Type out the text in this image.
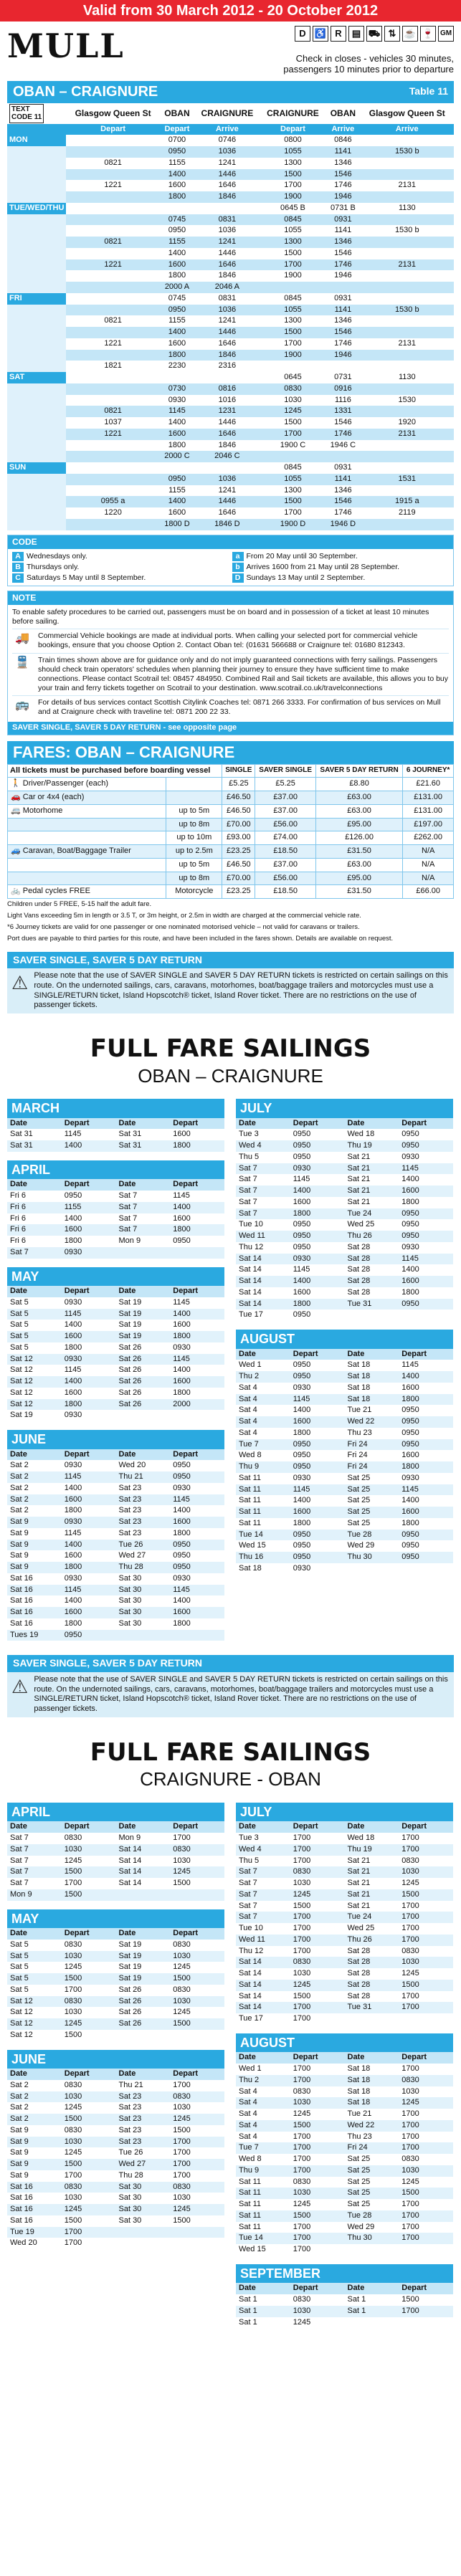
Valid from 30 March 2012 - 20 October 2012
MULL	D ♿ R	▤ ⛟ ⇅ ☕ 🍷 GM
Check in closes - vehicles 30 minutes,
passengers 10 minutes prior to departure
OBAN – CRAIGNURE	Table 11
TEXT
CODE 11	Glasgow Queen St	OBAN	CRAIGNURE	CRAIGNURE	OBAN	Glasgow Queen St
	Depart	Depart	Arrive	Depart	Arrive	Arrive
MON		0700	0746	0800	0846	
		0950	1036	1055	1141	1530 b
	0821	1155	1241	1300	1346	
		1400	1446	1500	1546	
	1221	1600	1646	1700	1746	2131
		1800	1846	1900	1946	
TUE/WED/THU				0645 B	0731 B	1130
		0745	0831	0845	0931	
		0950	1036	1055	1141	1530 b
	0821	1155	1241	1300	1346	
		1400	1446	1500	1546	
	1221	1600	1646	1700	1746	2131
		1800	1846	1900	1946	
		2000 A	2046 A			
FRI		0745	0831	0845	0931	
		0950	1036	1055	1141	1530 b
	0821	1155	1241	1300	1346	
		1400	1446	1500	1546	
	1221	1600	1646	1700	1746	2131
		1800	1846	1900	1946	
	1821	2230	2316			
SAT				0645	0731	1130
		0730	0816	0830	0916	
		0930	1016	1030	1116	1530
	0821	1145	1231	1245	1331	
	1037	1400	1446	1500	1546	1920
	1221	1600	1646	1700	1746	2131
		1800	1846	1900 C	1946 C	
		2000 C	2046 C			
SUN				0845	0931	
		0950	1036	1055	1141	1531
		1155	1241	1300	1346	
	0955 a	1400	1446	1500	1546	1915 a
	1220	1600	1646	1700	1746	2119
		1800 D	1846 D	1900 D	1946 D	
CODE
A Wednesdays only.	a From 20 May until 30 September.
B Thursdays only.	b Arrives 1600 from 21 May until 28 September.
C Saturdays 5 May until 8 September.	D Sundays 13 May until 2 September.
NOTE
To enable safety procedures to be carried out, passengers must be on board and in possession of a ticket at least 10 minutes before sailing.
🚚	Commercial Vehicle bookings are made at individual ports. When calling your selected port for commercial vehicle bookings, ensure that you choose Option 2. Contact Oban tel: (01631 566688 or Craignure tel: 01680 812343.
🚆	Train times shown above are for guidance only and do not imply guaranteed connections with ferry sailings. Passengers should check train operators' schedules when planning their journey to ensure they have sufficient time to make connections. Please contact Scotrail tel: 08457 484950. Combined Rail and Sail tickets are available, this allows you to buy your train and ferry tickets together on Scotrail to your destination. www.scotrail.co.uk/travelconnections
🚌	For details of bus services contact Scottish Citylink Coaches tel: 0871 266 3333. For confirmation of bus services on Mull and at Craignure check with traveline tel: 0871 200 22 33.
SAVER SINGLE, SAVER 5 DAY RETURN - see opposite page
FARES: OBAN – CRAIGNURE
All tickets must be purchased before boarding vessel		SINGLE	SAVER SINGLE	SAVER 5 DAY RETURN	6 JOURNEY*
🚶 Driver/Passenger (each)		£5.25	£5.25	£8.80	£21.60
🚗 Car or 4x4 (each)		£46.50	£37.00	£63.00	£131.00
🚐 Motorhome	up to 5m	£46.50	£37.00	£63.00	£131.00
	up to 8m	£70.00	£56.00	£95.00	£197.00
	up to 10m	£93.00	£74.00	£126.00	£262.00
🚙 Caravan, Boat/Baggage Trailer	up to 2.5m	£23.25	£18.50	£31.50	N/A
	up to 5m	£46.50	£37.00	£63.00	N/A
	up to 8m	£70.00	£56.00	£95.00	N/A
🚲 Pedal cycles FREE	Motorcycle	£23.25	£18.50	£31.50	£66.00
Children under 5 FREE, 5-15 half the adult fare.
Light Vans exceeding 5m in length or 3.5 T, or 3m height, or 2.5m in width are charged at the commercial vehicle rate.
*6 Journey tickets are valid for one passenger or one nominated motorised vehicle – not valid for caravans or trailers.
Port dues are payable to third parties for this route, and have been included in the fares shown. Details are available on request.
SAVER SINGLE, SAVER 5 DAY RETURN
⚠ Please note that the use of SAVER SINGLE and SAVER 5 DAY RETURN tickets is restricted on certain sailings on this route. On the undernoted sailings, cars, caravans, motorhomes, boat/baggage trailers and motorcycles must use a SINGLE/RETURN ticket, Island Hopscotch® ticket, Island Rover ticket. There are no restrictions on the use of passenger tickets.
FULL FARE SAILINGS
OBAN – CRAIGNURE
MARCH			
Date	Depart	Date	Depart
Sat 31	1145	Sat 31	1600
Sat 31	1400	Sat 31	1800
APRIL			
Date	Depart	Date	Depart
Fri 6	0950	Sat 7	1145
Fri 6	1155	Sat 7	1400
Fri 6	1400	Sat 7	1600
Fri 6	1600	Sat 7	1800
Fri 6	1800	Mon 9	0950
Sat 7	0930		
MAY			
Date	Depart	Date	Depart
Sat 5	0930	Sat 19	1145
Sat 5	1145	Sat 19	1400
Sat 5	1400	Sat 19	1600
Sat 5	1600	Sat 19	1800
Sat 5	1800	Sat 26	0930
Sat 12	0930	Sat 26	1145
Sat 12	1145	Sat 26	1400
Sat 12	1400	Sat 26	1600
Sat 12	1600	Sat 26	1800
Sat 12	1800	Sat 26	2000
Sat 19	0930		
JUNE			
Date	Depart	Date	Depart
Sat 2	0930	Wed 20	0950
Sat 2	1145	Thu 21	0950
Sat 2	1400	Sat 23	0930
Sat 2	1600	Sat 23	1145
Sat 2	1800	Sat 23	1400
Sat 9	0930	Sat 23	1600
Sat 9	1145	Sat 23	1800
Sat 9	1400	Tue 26	0950
Sat 9	1600	Wed 27	0950
Sat 9	1800	Thu 28	0950
Sat 16	0930	Sat 30	0930
Sat 16	1145	Sat 30	1145
Sat 16	1400	Sat 30	1400
Sat 16	1600	Sat 30	1600
Sat 16	1800	Sat 30	1800
Tues 19	0950		
JULY			
Date	Depart	Date	Depart
Tue 3	0950	Wed 18	0950
Wed 4	0950	Thu 19	0950
Thu 5	0950	Sat 21	0930
Sat 7	0930	Sat 21	1145
Sat 7	1145	Sat 21	1400
Sat 7	1400	Sat 21	1600
Sat 7	1600	Sat 21	1800
Sat 7	1800	Tue 24	0950
Tue 10	0950	Wed 25	0950
Wed 11	0950	Thu 26	0950
Thu 12	0950	Sat 28	0930
Sat 14	0930	Sat 28	1145
Sat 14	1145	Sat 28	1400
Sat 14	1400	Sat 28	1600
Sat 14	1600	Sat 28	1800
Sat 14	1800	Tue 31	0950
Tue 17	0950		
AUGUST			
Date	Depart	Date	Depart
Wed 1	0950	Sat 18	1145
Thu 2	0950	Sat 18	1400
Sat 4	0930	Sat 18	1600
Sat 4	1145	Sat 18	1800
Sat 4	1400	Tue 21	0950
Sat 4	1600	Wed 22	0950
Sat 4	1800	Thu 23	0950
Tue 7	0950	Fri 24	0950
Wed 8	0950	Fri 24	1600
Thu 9	0950	Fri 24	1800
Sat 11	0930	Sat 25	0930
Sat 11	1145	Sat 25	1145
Sat 11	1400	Sat 25	1400
Sat 11	1600	Sat 25	1600
Sat 11	1800	Sat 25	1800
Tue 14	0950	Tue 28	0950
Wed 15	0950	Wed 29	0950
Thu 16	0950	Thu 30	0950
Sat 18	0930		
SAVER SINGLE, SAVER 5 DAY RETURN
⚠ Please note that the use of SAVER SINGLE and SAVER 5 DAY RETURN tickets is restricted on certain sailings on this route. On the undernoted sailings, cars, caravans, motorhomes, boat/baggage trailers and motorcycles must use a SINGLE/RETURN ticket, Island Hopscotch® ticket, Island Rover ticket. There are no restrictions on the use of passenger tickets.
FULL FARE SAILINGS
CRAIGNURE - OBAN
APRIL			
Date	Depart	Date	Depart
Sat 7	0830	Mon 9	1700
Sat 7	1030	Sat 14	0830
Sat 7	1245	Sat 14	1030
Sat 7	1500	Sat 14	1245
Sat 7	1700	Sat 14	1500
Mon 9	1500		
MAY			
Date	Depart	Date	Depart
Sat 5	0830	Sat 19	0830
Sat 5	1030	Sat 19	1030
Sat 5	1245	Sat 19	1245
Sat 5	1500	Sat 19	1500
Sat 5	1700	Sat 26	0830
Sat 12	0830	Sat 26	1030
Sat 12	1030	Sat 26	1245
Sat 12	1245	Sat 26	1500
Sat 12	1500		
JUNE			
Date	Depart	Date	Depart
Sat 2	0830	Thu 21	1700
Sat 2	1030	Sat 23	0830
Sat 2	1245	Sat 23	1030
Sat 2	1500	Sat 23	1245
Sat 9	0830	Sat 23	1500
Sat 9	1030	Sat 23	1700
Sat 9	1245	Tue 26	1700
Sat 9	1500	Wed 27	1700
Sat 9	1700	Thu 28	1700
Sat 16	0830	Sat 30	0830
Sat 16	1030	Sat 30	1030
Sat 16	1245	Sat 30	1245
Sat 16	1500	Sat 30	1500
Tue 19	1700		
Wed 20	1700		
JULY			
Date	Depart	Date	Depart
Tue 3	1700	Wed 18	1700
Wed 4	1700	Thu 19	1700
Thu 5	1700	Sat 21	0830
Sat 7	0830	Sat 21	1030
Sat 7	1030	Sat 21	1245
Sat 7	1245	Sat 21	1500
Sat 7	1500	Sat 21	1700
Sat 7	1700	Tue 24	1700
Tue 10	1700	Wed 25	1700
Wed 11	1700	Thu 26	1700
Thu 12	1700	Sat 28	0830
Sat 14	0830	Sat 28	1030
Sat 14	1030	Sat 28	1245
Sat 14	1245	Sat 28	1500
Sat 14	1500	Sat 28	1700
Sat 14	1700	Tue 31	1700
Tue 17	1700		
AUGUST			
Date	Depart	Date	Depart
Wed 1	1700	Sat 18	1700
Thu 2	1700	Sat 18	0830
Sat 4	0830	Sat 18	1030
Sat 4	1030	Sat 18	1245
Sat 4	1245	Tue 21	1700
Sat 4	1500	Wed 22	1700
Sat 4	1700	Thu 23	1700
Tue 7	1700	Fri 24	1700
Wed 8	1700	Sat 25	0830
Thu 9	1700	Sat 25	1030
Sat 11	0830	Sat 25	1245
Sat 11	1030	Sat 25	1500
Sat 11	1245	Sat 25	1700
Sat 11	1500	Tue 28	1700
Sat 11	1700	Wed 29	1700
Tue 14	1700	Thu 30	1700
Wed 15	1700		
SEPTEMBER			
Date	Depart	Date	Depart
Sat 1	0830	Sat 1	1500
Sat 1	1030	Sat 1	1700
Sat 1	1245		
